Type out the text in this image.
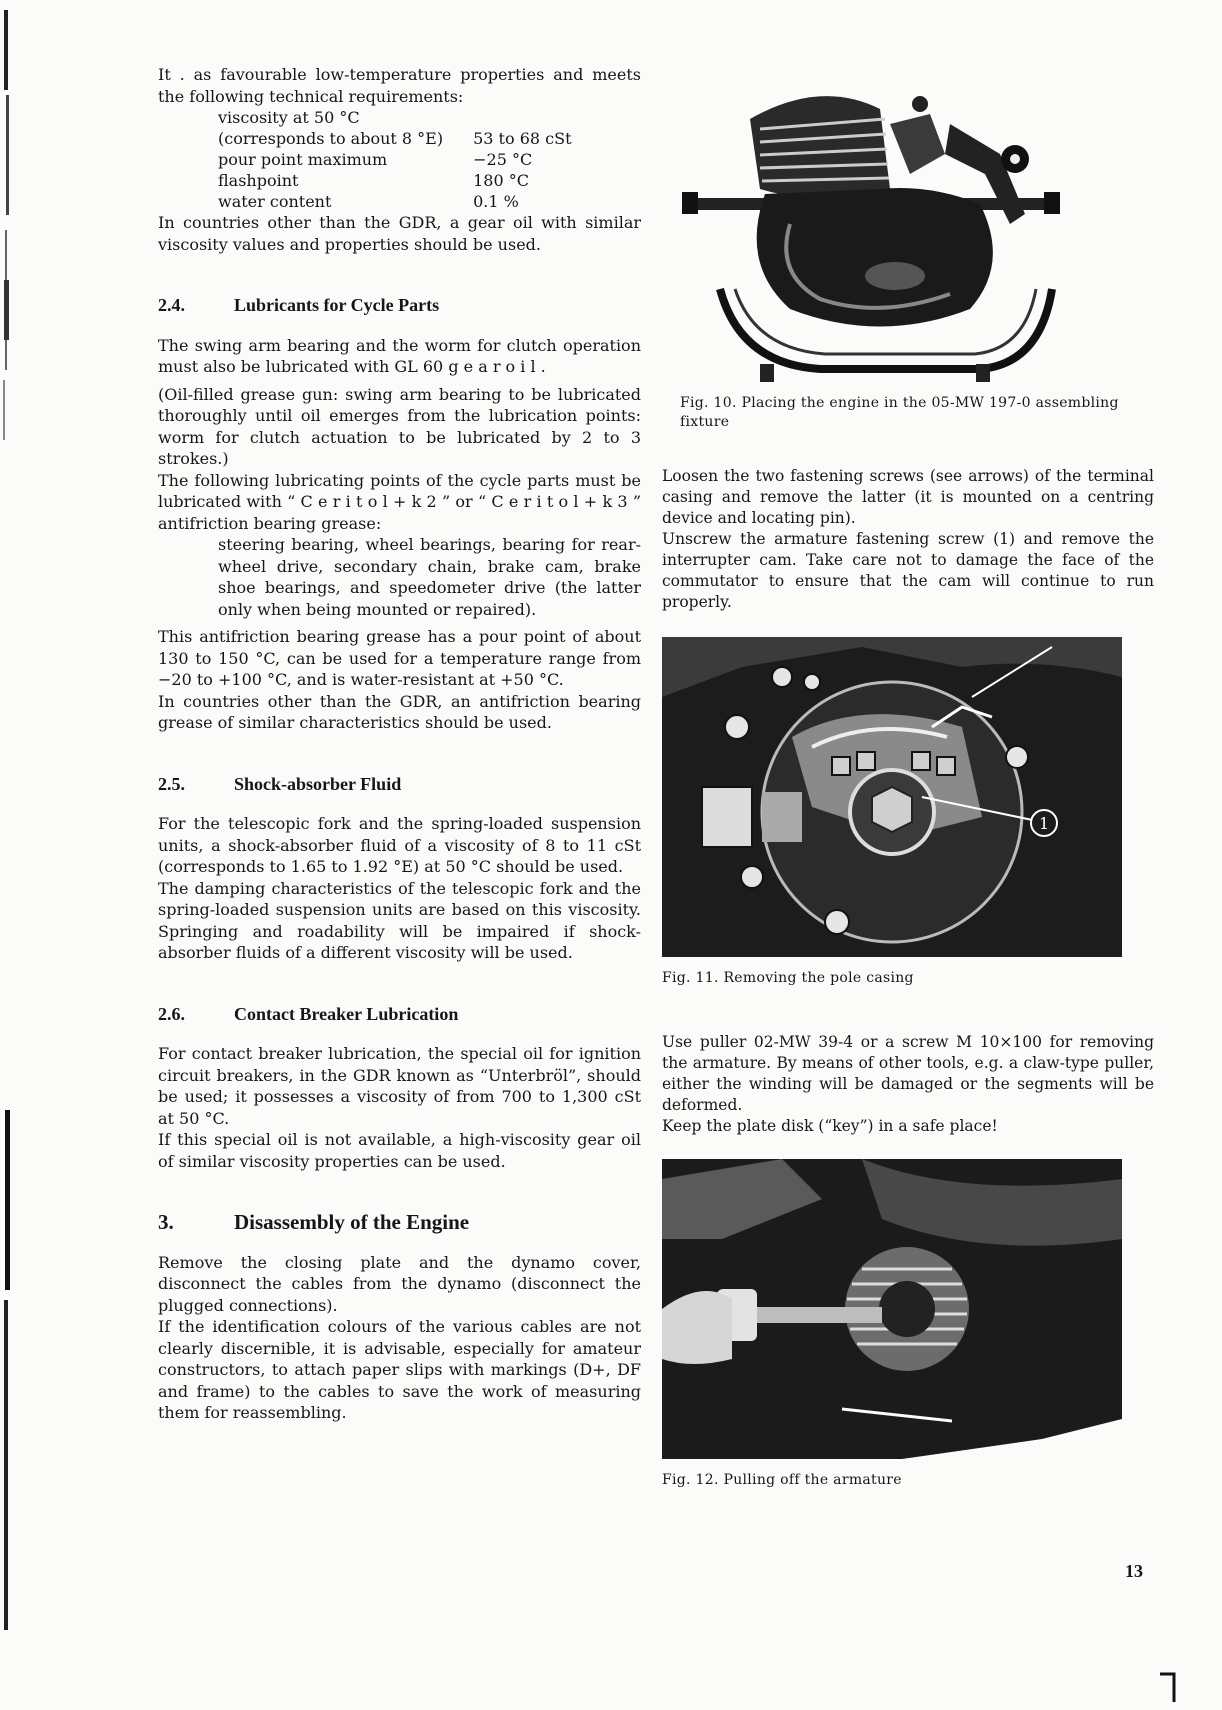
It . as favourable low-temperature properties and meets the following technical requirements:

viscosity at 50 °C	
(corresponds to about 8 °E)	53 to 68 cSt
pour point maximum	−25 °C
flashpoint	180 °C
water content	0.1 %

In countries other than the GDR, a gear oil with similar viscosity values and properties should be used.

2.4.	Lubricants for Cycle Parts

The swing arm bearing and the worm for clutch operation must also be lubricated with GL 60 g e a r o i l .

(Oil-filled grease gun: swing arm bearing to be lubricated thoroughly until oil emerges from the lubrication points: worm for clutch actuation to be lubricated by 2 to 3 strokes.)

The following lubricating points of the cycle parts must be lubricated with “ C e r i t o l + k 2 ” or “ C e r i t o l + k 3 ” antifriction bearing grease:

steering bearing, wheel bearings, bearing for rear-wheel drive, secondary chain, brake cam, brake shoe bearings, and speedometer drive (the latter only when being mounted or repaired).

This antifriction bearing grease has a pour point of about 130 to 150 °C, can be used for a temperature range from −20 to +100 °C, and is water-resistant at +50 °C.

In countries other than the GDR, an antifriction bearing grease of similar characteristics should be used.

2.5.	Shock-absorber Fluid

For the telescopic fork and the spring-loaded suspension units, a shock-absorber fluid of a viscosity of 8 to 11 cSt (corresponds to 1.65 to 1.92 °E) at 50 °C should be used.

The damping characteristics of the telescopic fork and the spring-loaded suspension units are based on this viscosity. Springing and roadability will be impaired if shock-absorber fluids of a different viscosity will be used.

2.6.	Contact Breaker Lubrication

For contact breaker lubrication, the special oil for ignition circuit breakers, in the GDR known as “Unterbröl”, should be used; it possesses a viscosity of from 700 to 1,300 cSt at 50 °C.

If this special oil is not available, a high-viscosity gear oil of similar viscosity properties can be used.

3.	Disassembly of the Engine

Remove the closing plate and the dynamo cover, disconnect the cables from the dynamo (disconnect the plugged connections).

If the identification colours of the various cables are not clearly discernible, it is advisable, especially for amateur constructors, to attach paper slips with markings (D+, DF and frame) to the cables to save the work of measuring them for reassembling.

Fig. 10. Placing the engine in the 05-MW 197-0 assembling fixture

Loosen the two fastening screws (see arrows) of the terminal casing and remove the latter (it is mounted on a centring device and locating pin).

Unscrew the armature fastening screw (1) and remove the interrupter cam. Take care not to damage the face of the commutator to ensure that the cam will continue to run properly.

1
Fig. 11. Removing the pole casing

Use puller 02-MW 39-4 or a screw M 10×100 for removing the armature. By means of other tools, e.g. a claw-type puller, either the winding will be damaged or the segments will be deformed.

Keep the plate disk (“key”) in a safe place!

Fig. 12. Pulling off the armature
13
